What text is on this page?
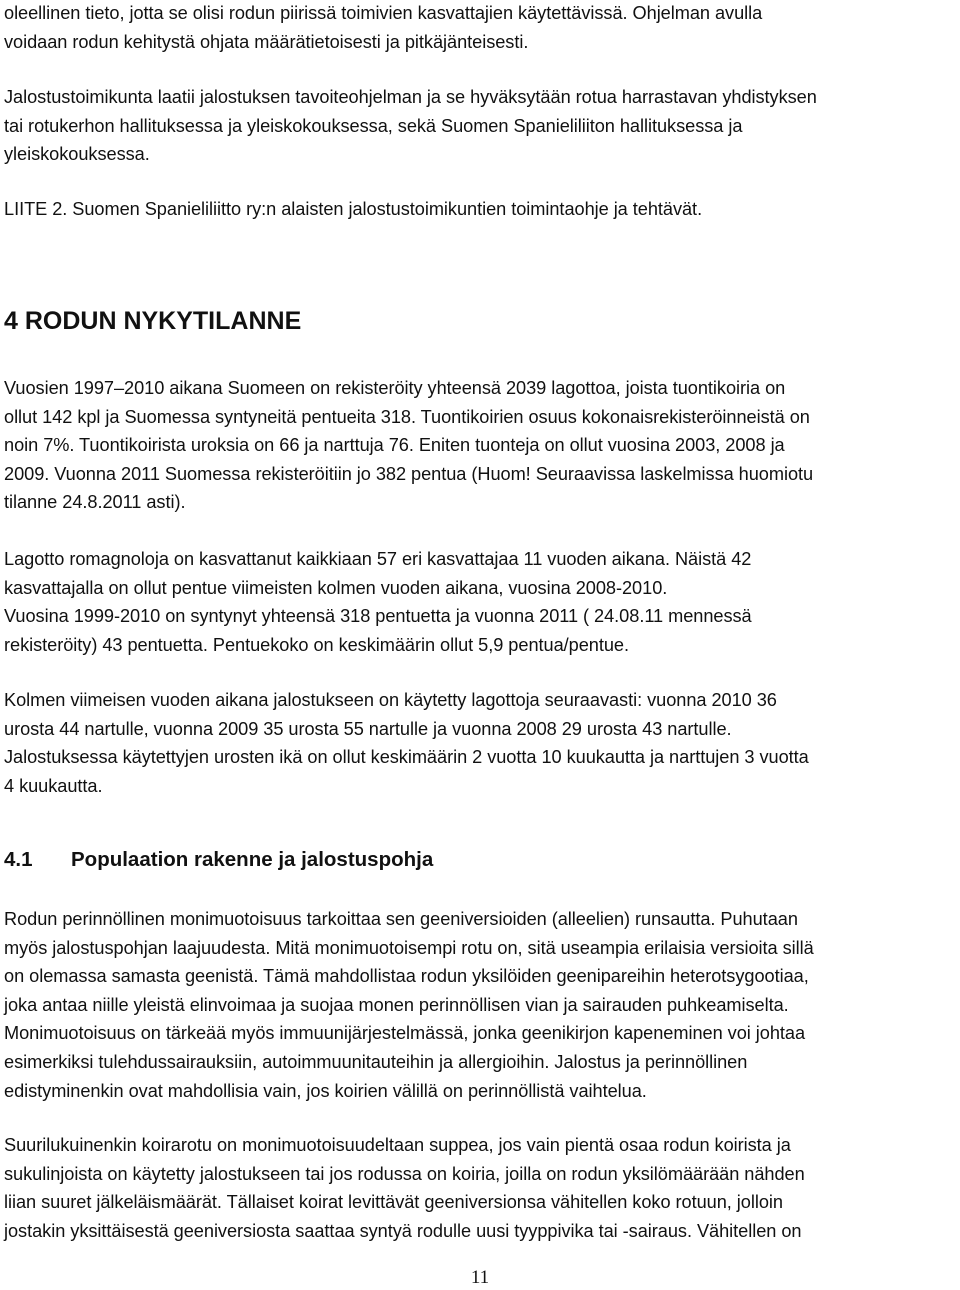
oleellinen tieto, jotta se olisi rodun piirissä toimivien kasvattajien käytettävissä. Ohjelman avulla
voidaan rodun kehitystä ohjata määrätietoisesti ja pitkäjänteisesti.
Jalostustoimikunta laatii jalostuksen tavoiteohjelman ja se hyväksytään rotua harrastavan yhdistyksen
tai rotukerhon hallituksessa ja yleiskokouksessa, sekä Suomen Spanieliliiton hallituksessa ja
yleiskokouksessa.
LIITE 2. Suomen Spanieliliitto ry:n alaisten jalostustoimikuntien toimintaohje ja tehtävät.
4 RODUN NYKYTILANNE
Vuosien 1997–2010 aikana Suomeen on rekisteröity yhteensä 2039 lagottoa, joista tuontikoiria on
ollut 142 kpl ja Suomessa syntyneitä pentueita 318. Tuontikoirien osuus kokonaisrekisteröinneistä on
noin 7%. Tuontikoirista uroksia on 66 ja narttuja 76. Eniten tuonteja on ollut vuosina 2003, 2008 ja
2009. Vuonna 2011 Suomessa rekisteröitiin jo 382 pentua (Huom! Seuraavissa laskelmissa huomiotu
tilanne 24.8.2011 asti).
Lagotto romagnoloja on kasvattanut kaikkiaan 57 eri kasvattajaa 11 vuoden aikana. Näistä 42
kasvattajalla on ollut pentue viimeisten kolmen vuoden aikana, vuosina 2008-2010.
Vuosina 1999-2010 on syntynyt yhteensä 318 pentuetta ja vuonna 2011 ( 24.08.11 mennessä
rekisteröity) 43 pentuetta. Pentuekoko on keskimäärin ollut 5,9 pentua/pentue.
Kolmen viimeisen vuoden aikana jalostukseen on käytetty lagottoja seuraavasti: vuonna 2010 36
urosta 44 nartulle, vuonna 2009 35 urosta 55 nartulle ja vuonna 2008 29 urosta 43 nartulle.
Jalostuksessa käytettyjen urosten ikä on ollut keskimäärin 2 vuotta 10 kuukautta ja narttujen 3 vuotta
4 kuukautta.
4.1 Populaation rakenne ja jalostuspohja
Rodun perinnöllinen monimuotoisuus tarkoittaa sen geeniversioiden (alleelien) runsautta. Puhutaan
myös jalostuspohjan laajuudesta. Mitä monimuotoisempi rotu on, sitä useampia erilaisia versioita sillä
on olemassa samasta geenistä. Tämä mahdollistaa rodun yksilöiden geenipareihin heterotsygootiaa,
joka antaa niille yleistä elinvoimaa ja suojaa monen perinnöllisen vian ja sairauden puhkeamiselta.
Monimuotoisuus on tärkeää myös immuunijärjestelmässä, jonka geenikirjon kapeneminen voi johtaa
esimerkiksi tulehdussairauksiin, autoimmuunitauteihin ja allergioihin. Jalostus ja perinnöllinen
edistyminenkin ovat mahdollisia vain, jos koirien välillä on perinnöllistä vaihtelua.
Suurilukuinenkin koirarotu on monimuotoisuudeltaan suppea, jos vain pientä osaa rodun koirista ja
sukulinjoista on käytetty jalostukseen tai jos rodussa on koiria, joilla on rodun yksilömäärään nähden
liian suuret jälkeläismäärät. Tällaiset koirat levittävät geeniversionsa vähitellen koko rotuun, jolloin
jostakin yksittäisestä geeniversiosta saattaa syntyä rodulle uusi tyyppivika tai -sairaus. Vähitellen on
11
